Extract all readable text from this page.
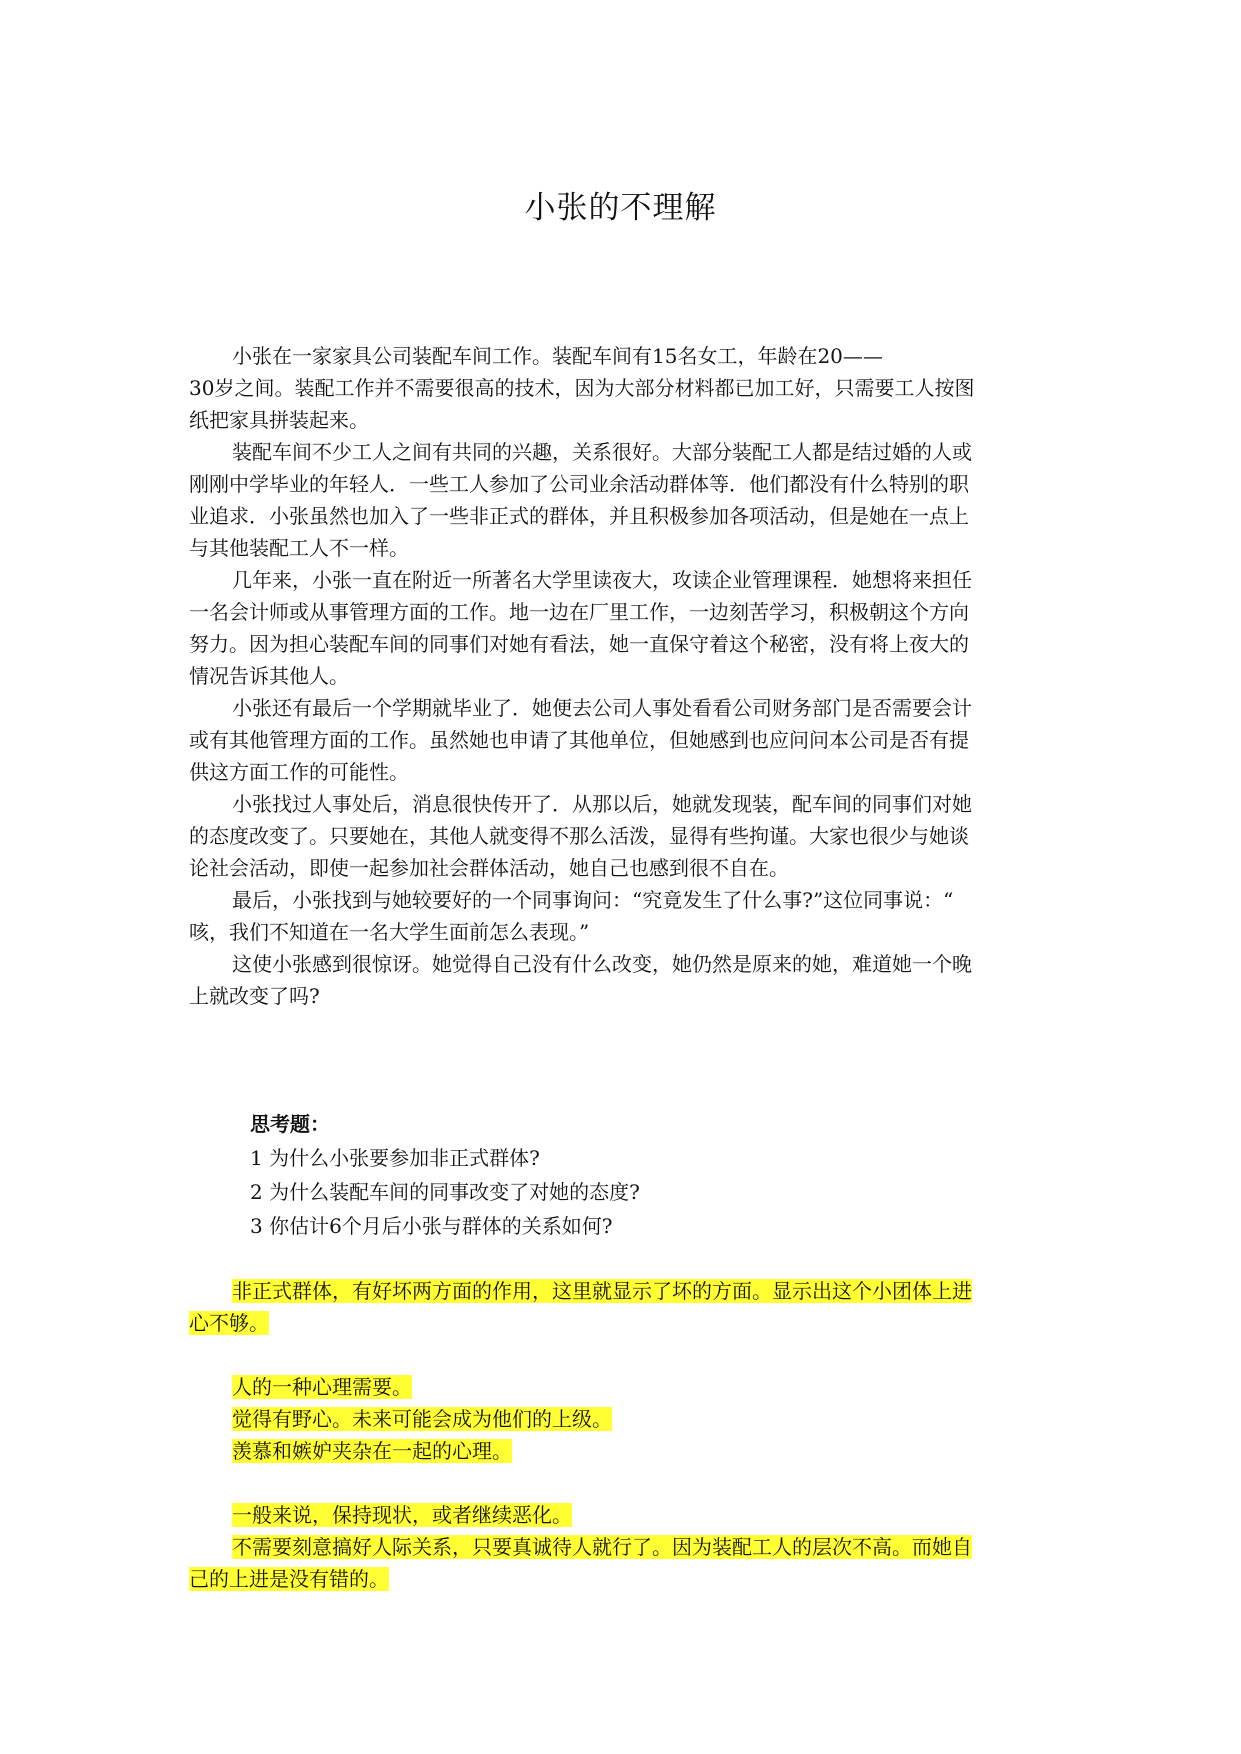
小张的不理解
小张在一家家具公司装配车间工作。装配车间有15名女工，年龄在20——
30岁之间。装配工作并不需要很高的技术，因为大部分材料都已加工好，只需要工人按图
纸把家具拼装起来。
装配车间不少工人之间有共同的兴趣，关系很好。大部分装配工人都是结过婚的人或
刚刚中学毕业的年轻人．一些工人参加了公司业余活动群体等．他们都没有什么特别的职
业追求．小张虽然也加入了一些非正式的群体，并且积极参加各项活动，但是她在一点上
与其他装配工人不一样。
几年来，小张一直在附近一所著名大学里读夜大，攻读企业管理课程．她想将来担任
一名会计师或从事管理方面的工作。地一边在厂里工作，一边刻苦学习，积极朝这个方向
努力。因为担心装配车间的同事们对她有看法，她一直保守着这个秘密，没有将上夜大的
情况告诉其他人。
小张还有最后一个学期就毕业了．她便去公司人事处看看公司财务部门是否需要会计
或有其他管理方面的工作。虽然她也申请了其他单位，但她感到也应问问本公司是否有提
供这方面工作的可能性。
小张找过人事处后，消息很快传开了．从那以后，她就发现装，配车间的同事们对她
的态度改变了。只要她在，其他人就变得不那么活泼，显得有些拘谨。大家也很少与她谈
论社会活动，即使一起参加社会群体活动，她自己也感到很不自在。
最后，小张找到与她较要好的一个同事询问：“究竟发生了什么事?”这位同事说：“
咳，我们不知道在一名大学生面前怎么表现。”
这使小张感到很惊讶。她觉得自己没有什么改变，她仍然是原来的她，难道她一个晚
上就改变了吗?
思考题：
1 为什么小张要参加非正式群体?
2 为什么装配车间的同事改变了对她的态度?
3 你估计6个月后小张与群体的关系如何?
非正式群体，有好坏两方面的作用，这里就显示了坏的方面。显示出这个小团体上进
心不够。
人的一种心理需要。
觉得有野心。未来可能会成为他们的上级。
羡慕和嫉妒夹杂在一起的心理。
一般来说，保持现状，或者继续恶化。
不需要刻意搞好人际关系，只要真诚待人就行了。因为装配工人的层次不高。而她自
己的上进是没有错的。
